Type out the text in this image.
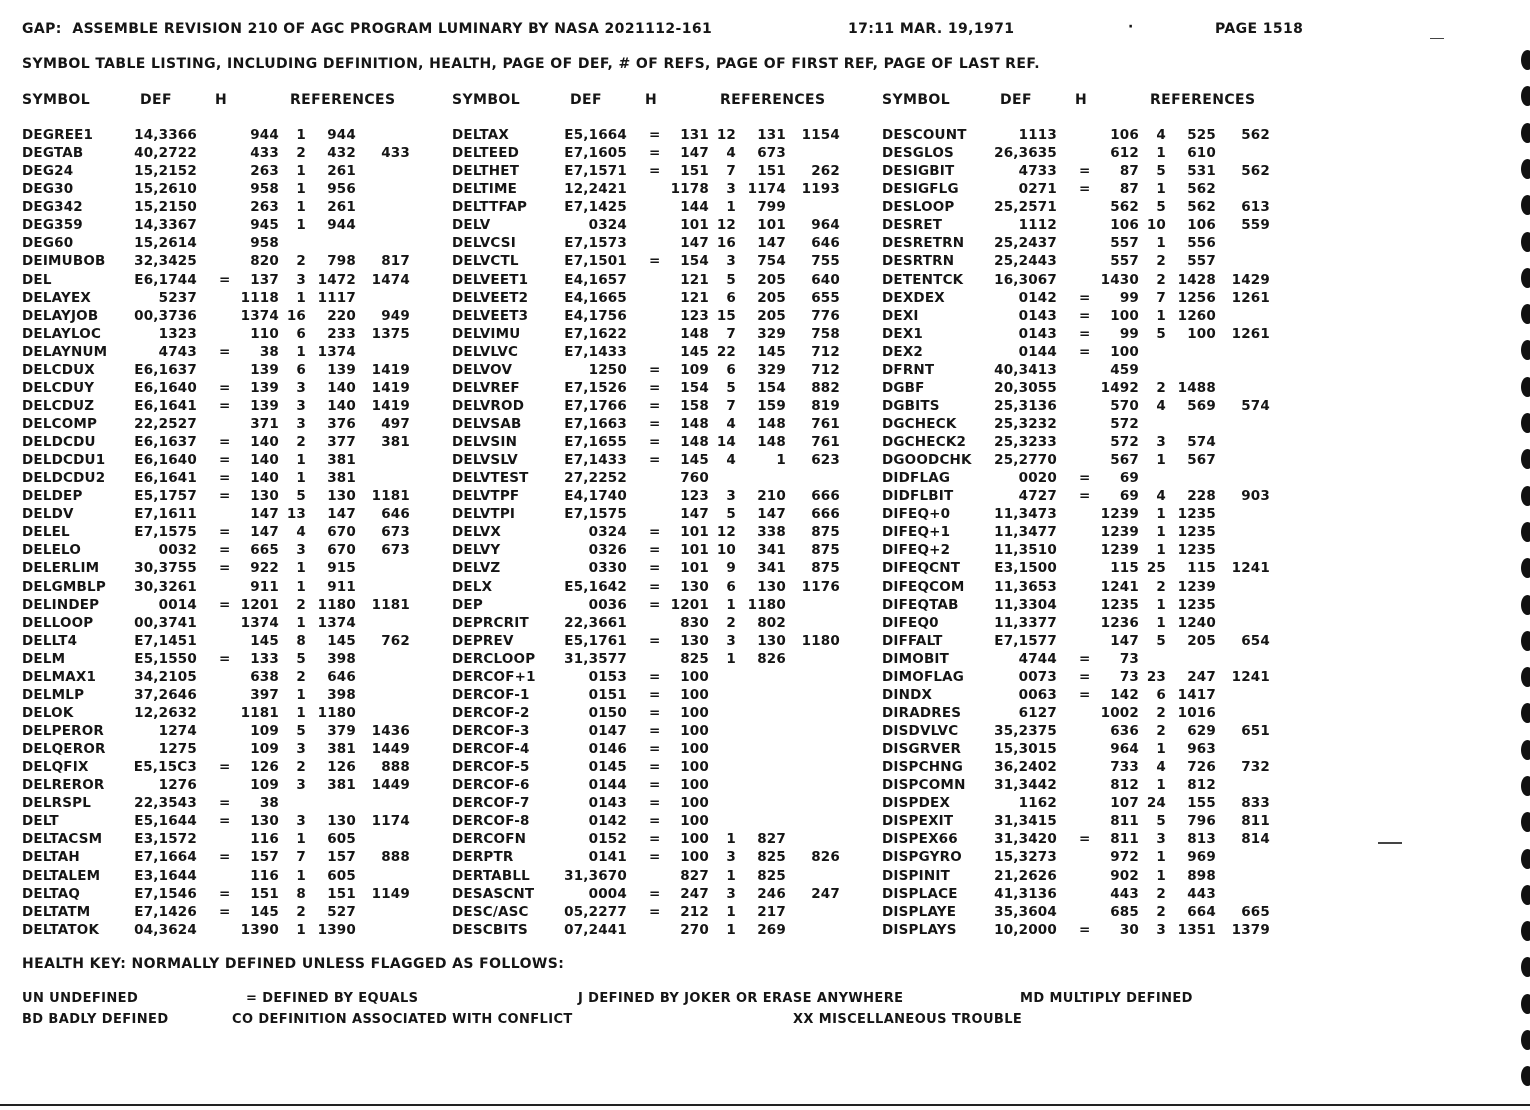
GAP:  ASSEMBLE REVISION 210 OF AGC PROGRAM LUMINARY BY NASA 2021112-161	17:11 MAR. 19,1971	·	PAGE 1518
SYMBOL TABLE LISTING, INCLUDING DEFINITION, HEALTH, PAGE OF DEF, # OF REFS, PAGE OF FIRST REF, PAGE OF LAST REF.
SYMBOL	DEF	H	REFERENCES	SYMBOL	DEF	H	REFERENCES	SYMBOL	DEF	H	REFERENCES
DEGREE1	14,3366	944 1 944	DELTAX	E5,1664 = 131 12 131 1154	DESCOUNT	1113	106 4 525 562
DEGTAB	40,2722	433 2 432 433	DELTEED	E7,1605 = 147 4 673	DESGLOS	26,3635	612 1 610
DEG24	15,2152	263 1 261	DELTHET	E7,1571 = 151 7 151 262	DESIGBIT	4733 = 87 5 531 562
DEG30	15,2610	958 1 956	DELTIME	12,2421	1178 3 1174 1193	DESIGFLG	0271 = 87 1 562
DEG342	15,2150	263 1 261	DELTTFAP	E7,1425	144 1 799	DESLOOP	25,2571	562 5 562 613
DEG359	14,3367	945 1 944	DELV	0324	101 12 101 964	DESRET	1112	106 10 106 559
DEG60	15,2614	958	DELVCSI	E7,1573	147 16 147 646	DESRETRN 25,2437	557 1 556
DEIMUBOB 32,3425	820 2 798 817	DELVCTL	E7,1501 = 154 3 754 755	DESRTRN	25,2443	557 2 557
DEL	E6,1744 = 137 3 1472 1474	DELVEET1	E4,1657	121 5 205 640	DETENTCK 16,3067	1430 2 1428 1429
DELAYEX	5237	1118 1 1117	DELVEET2	E4,1665	121 6 205 655	DEXDEX	0142 = 99 7 1256 1261
DELAYJOB	00,3736	1374 16 220 949	DELVEET3	E4,1756	123 15 205 776	DEXI	0143 = 100 1 1260
DELAYLOC	1323	110 6 233 1375	DELVIMU	E7,1622	148 7 329 758	DEX1	0143 = 99 5 100 1261
DELAYNUM	4743 = 38 1 1374	DELVLVC	E7,1433	145 22 145 712	DEX2	0144 = 100
DELCDUX	E6,1637	139 6 139 1419	DELVOV	1250 = 109 6 329 712	DFRNT	40,3413	459
DELCDUY	E6,1640 = 139 3 140 1419	DELVREF	E7,1526 = 154 5 154 882	DGBF	20,3055	1492 2 1488
DELCDUZ	E6,1641 = 139 3 140 1419	DELVROD	E7,1766 = 158 7 159 819	DGBITS	25,3136	570 4 569 574
DELCOMP	22,2527	371 3 376 497	DELVSAB	E7,1663 = 148 4 148 761	DGCHECK	25,3232	572
DELDCDU	E6,1637 = 140 2 377 381	DELVSIN	E7,1655 = 148 14 148 761	DGCHECK2 25,3233	572 3 574
DELDCDU1 E6,1640 = 140 1 381	DELVSLV	E7,1433 = 145 4	1 623	DGOODCHK 25,2770	567 1 567
DELDCDU2 E6,1641 = 140 1 381	DELVTEST	27,2252	760	DIDFLAG	0020 = 69
DELDEP	E5,1757 = 130 5 130 1181	DELVTPF	E4,1740	123 3 210 666	DIDFLBIT	4727 = 69 4 228 903
DELDV	E7,1611	147 13 147 646	DELVTPI	E7,1575	147 5 147 666	DIFEQ+0	11,3473	1239 1 1235
DELEL	E7,1575 = 147 4 670 673	DELVX	0324 = 101 12 338 875	DIFEQ+1	11,3477	1239 1 1235
DELELO	0032 = 665 3 670 673	DELVY	0326 = 101 10 341 875	DIFEQ+2	11,3510	1239 1 1235
DELERLIM	30,3755 = 922 1 915	DELVZ	0330 = 101 9 341 875	DIFEQCNT	E3,1500	115 25 115 1241
DELGMBLP 30,3261	911 1 911	DELX	E5,1642 = 130 6 130 1176	DIFEQCOM 11,3653	1241 2 1239
DELINDEP	0014 = 1201 2 1180 1181	DEP	0036 = 1201 1 1180	DIFEQTAB	11,3304	1235 1 1235
DELLOOP	00,3741	1374 1 1374	DEPRCRIT	22,3661	830 2 802	DIFEQ0	11,3377	1236 1 1240
DELLT4	E7,1451	145 8 145 762	DEPREV	E5,1761 = 130 3 130 1180	DIFFALT	E7,1577	147 5 205 654
DELM	E5,1550 = 133 5 398	DERCLOOP 31,3577	825 1 826	DIMOBIT	4744 = 73
DELMAX1	34,2105	638 2 646	DERCOF+1	0153 = 100	DIMOFLAG	0073 = 73 23 247 1241
DELMLP	37,2646	397 1 398	DERCOF-1	0151 = 100	DINDX	0063 = 142 6 1417
DELOK	12,2632	1181 1 1180	DERCOF-2	0150 = 100	DIRADRES	6127	1002 2 1016
DELPEROR	1274	109 5 379 1436	DERCOF-3	0147 = 100	DISDVLVC	35,2375	636 2 629 651
DELQEROR	1275	109 3 381 1449	DERCOF-4	0146 = 100	DISGRVER 15,3015	964 1 963
DELQFIX	E5,15C3 = 126 2 126 888	DERCOF-5	0145 = 100	DISPCHNG 36,2402	733 4 726 732
DELREROR	1276	109 3 381 1449	DERCOF-6	0144 = 100	DISPCOMN 31,3442	812 1 812
DELRSPL	22,3543 = 38	DERCOF-7	0143 = 100	DISPDEX	1162	107 24 155 833
DELT	E5,1644 = 130 3 130 1174	DERCOF-8	0142 = 100	DISPEXIT	31,3415	811 5 796 811
DELTACSM E3,1572	116 1 605	DERCOFN	0152 = 100 1 827	DISPEX66	31,3420 = 811 3 813 814
DELTAH	E7,1664 = 157 7 157 888	DERPTR	0141 = 100 3 825 826	DISPGYRO 15,3273	972 1 969
DELTALEM	E3,1644	116 1 605	DERTABLL	31,3670	827 1 825	DISPINIT	21,2626	902 1 898
DELTAQ	E7,1546 = 151 8 151 1149	DESASCNT	0004 = 247 3 246 247	DISPLACE	41,3136	443 2 443
DELTATM	E7,1426 = 145 2 527	DESC/ASC	05,2277 = 212 1 217	DISPLAYE	35,3604	685 2 664 665
DELTATOK	04,3624	1390 1 1390	DESCBITS	07,2441	270 1 269	DISPLAYS	10,2000 = 30 3 1351 1379
HEALTH KEY: NORMALLY DEFINED UNLESS FLAGGED AS FOLLOWS:
UN UNDEFINED	= DEFINED BY EQUALS	J DEFINED BY JOKER OR ERASE ANYWHERE	MD MULTIPLY DEFINED
BD BADLY DEFINED	CO DEFINITION ASSOCIATED WITH CONFLICT	XX MISCELLANEOUS TROUBLE
